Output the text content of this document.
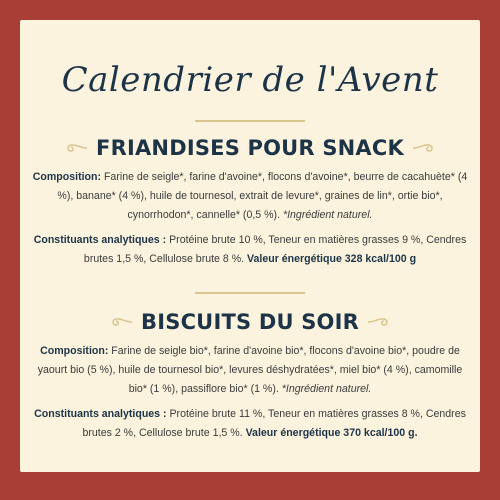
Calendrier de l'Avent
FRIANDISES POUR SNACK
Composition: Farine de seigle*, farine d'avoine*, flocons d'avoine*, beurre de cacahuète* (4 %), banane* (4 %), huile de tournesol, extrait de levure*, graines de lin*, ortie bio*, cynorrhodon*, cannelle* (0,5 %). *Ingrédient naturel.
Constituants analytiques : Protéine brute 10 %, Teneur en matières grasses 9 %, Cendres brutes 1,5 %, Cellulose brute 8 %. Valeur énergétique 328 kcal/100 g
BISCUITS DU SOIR
Composition: Farine de seigle bio*, farine d'avoine bio*, flocons d'avoine bio*, poudre de yaourt bio (5 %), huile de tournesol bio*, levures déshydratées*, miel bio* (4 %), camomille bio* (1 %), passiflore bio* (1 %). *Ingrédient naturel.
Constituants analytiques : Protéine brute 11 %, Teneur en matières grasses 8 %, Cendres brutes 2 %, Cellulose brute 1,5 %. Valeur énergétique 370 kcal/100 g.
